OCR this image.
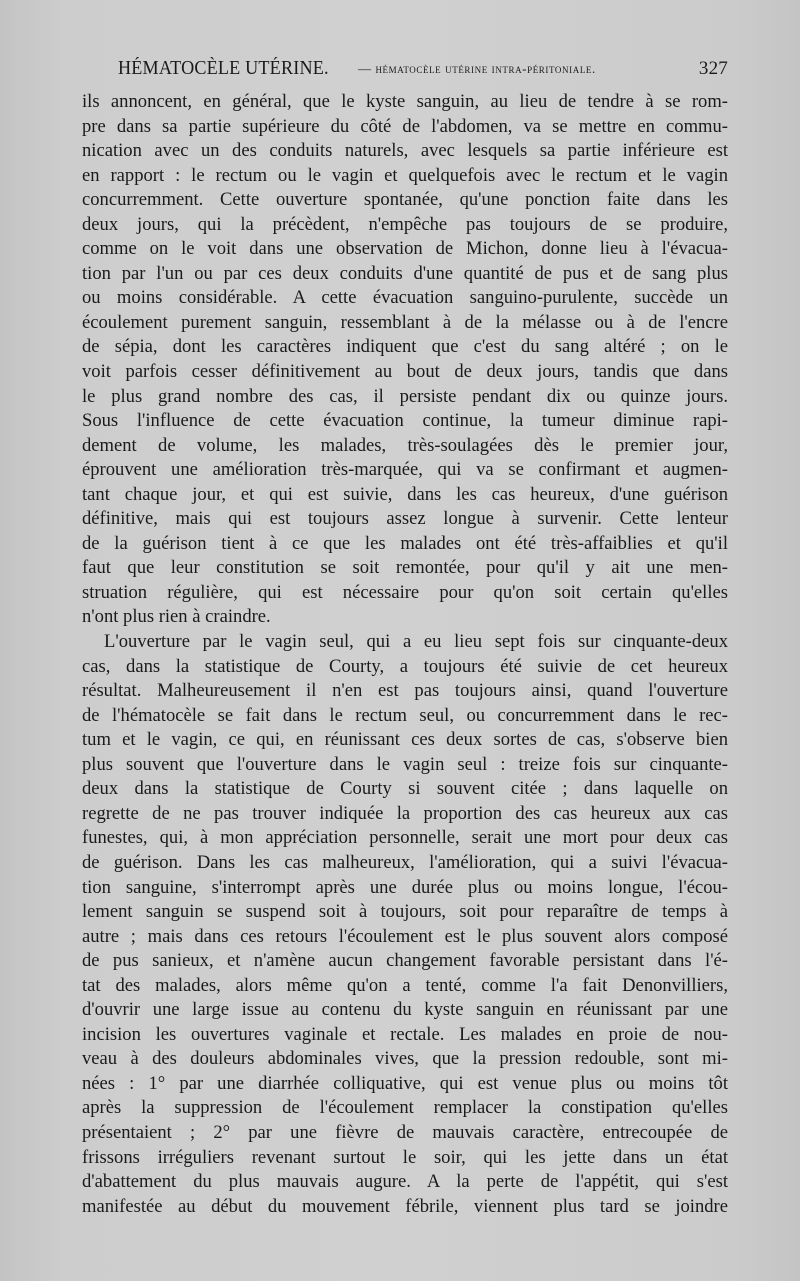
HÉMATOCÈLE UTÉRINE. — hématocèle utérine intra-péritoniale.	327
ils annoncent, en général, que le kyste sanguin, au lieu de tendre à se rom-
pre dans sa partie supérieure du côté de l'abdomen, va se mettre en commu-
nication avec un des conduits naturels, avec lesquels sa partie inférieure est
en rapport : le rectum ou le vagin et quelquefois avec le rectum et le vagin
concurremment. Cette ouverture spontanée, qu'une ponction faite dans les
deux jours, qui la précèdent, n'empêche pas toujours de se produire,
comme on le voit dans une observation de Michon, donne lieu à l'évacua-
tion par l'un ou par ces deux conduits d'une quantité de pus et de sang plus
ou moins considérable. A cette évacuation sanguino-purulente, succède un
écoulement purement sanguin, ressemblant à de la mélasse ou à de l'encre
de sépia, dont les caractères indiquent que c'est du sang altéré ; on le
voit parfois cesser définitivement au bout de deux jours, tandis que dans
le plus grand nombre des cas, il persiste pendant dix ou quinze jours.
Sous l'influence de cette évacuation continue, la tumeur diminue rapi-
dement de volume, les malades, très-soulagées dès le premier jour,
éprouvent une amélioration très-marquée, qui va se confirmant et augmen-
tant chaque jour, et qui est suivie, dans les cas heureux, d'une guérison
définitive, mais qui est toujours assez longue à survenir. Cette lenteur
de la guérison tient à ce que les malades ont été très-affaiblies et qu'il
faut que leur constitution se soit remontée, pour qu'il y ait une men-
struation régulière, qui est nécessaire pour qu'on soit certain qu'elles
n'ont plus rien à craindre.
L'ouverture par le vagin seul, qui a eu lieu sept fois sur cinquante-deux
cas, dans la statistique de Courty, a toujours été suivie de cet heureux
résultat. Malheureusement il n'en est pas toujours ainsi, quand l'ouverture
de l'hématocèle se fait dans le rectum seul, ou concurremment dans le rec-
tum et le vagin, ce qui, en réunissant ces deux sortes de cas, s'observe bien
plus souvent que l'ouverture dans le vagin seul : treize fois sur cinquante-
deux dans la statistique de Courty si souvent citée ; dans laquelle on
regrette de ne pas trouver indiquée la proportion des cas heureux aux cas
funestes, qui, à mon appréciation personnelle, serait une mort pour deux cas
de guérison. Dans les cas malheureux, l'amélioration, qui a suivi l'évacua-
tion sanguine, s'interrompt après une durée plus ou moins longue, l'écou-
lement sanguin se suspend soit à toujours, soit pour reparaître de temps à
autre ; mais dans ces retours l'écoulement est le plus souvent alors composé
de pus sanieux, et n'amène aucun changement favorable persistant dans l'é-
tat des malades, alors même qu'on a tenté, comme l'a fait Denonvilliers,
d'ouvrir une large issue au contenu du kyste sanguin en réunissant par une
incision les ouvertures vaginale et rectale. Les malades en proie de nou-
veau à des douleurs abdominales vives, que la pression redouble, sont mi-
nées : 1° par une diarrhée colliquative, qui est venue plus ou moins tôt
après la suppression de l'écoulement remplacer la constipation qu'elles
présentaient ; 2° par une fièvre de mauvais caractère, entrecoupée de
frissons irréguliers revenant surtout le soir, qui les jette dans un état
d'abattement du plus mauvais augure. A la perte de l'appétit, qui s'est
manifestée au début du mouvement fébrile, viennent plus tard se joindre
